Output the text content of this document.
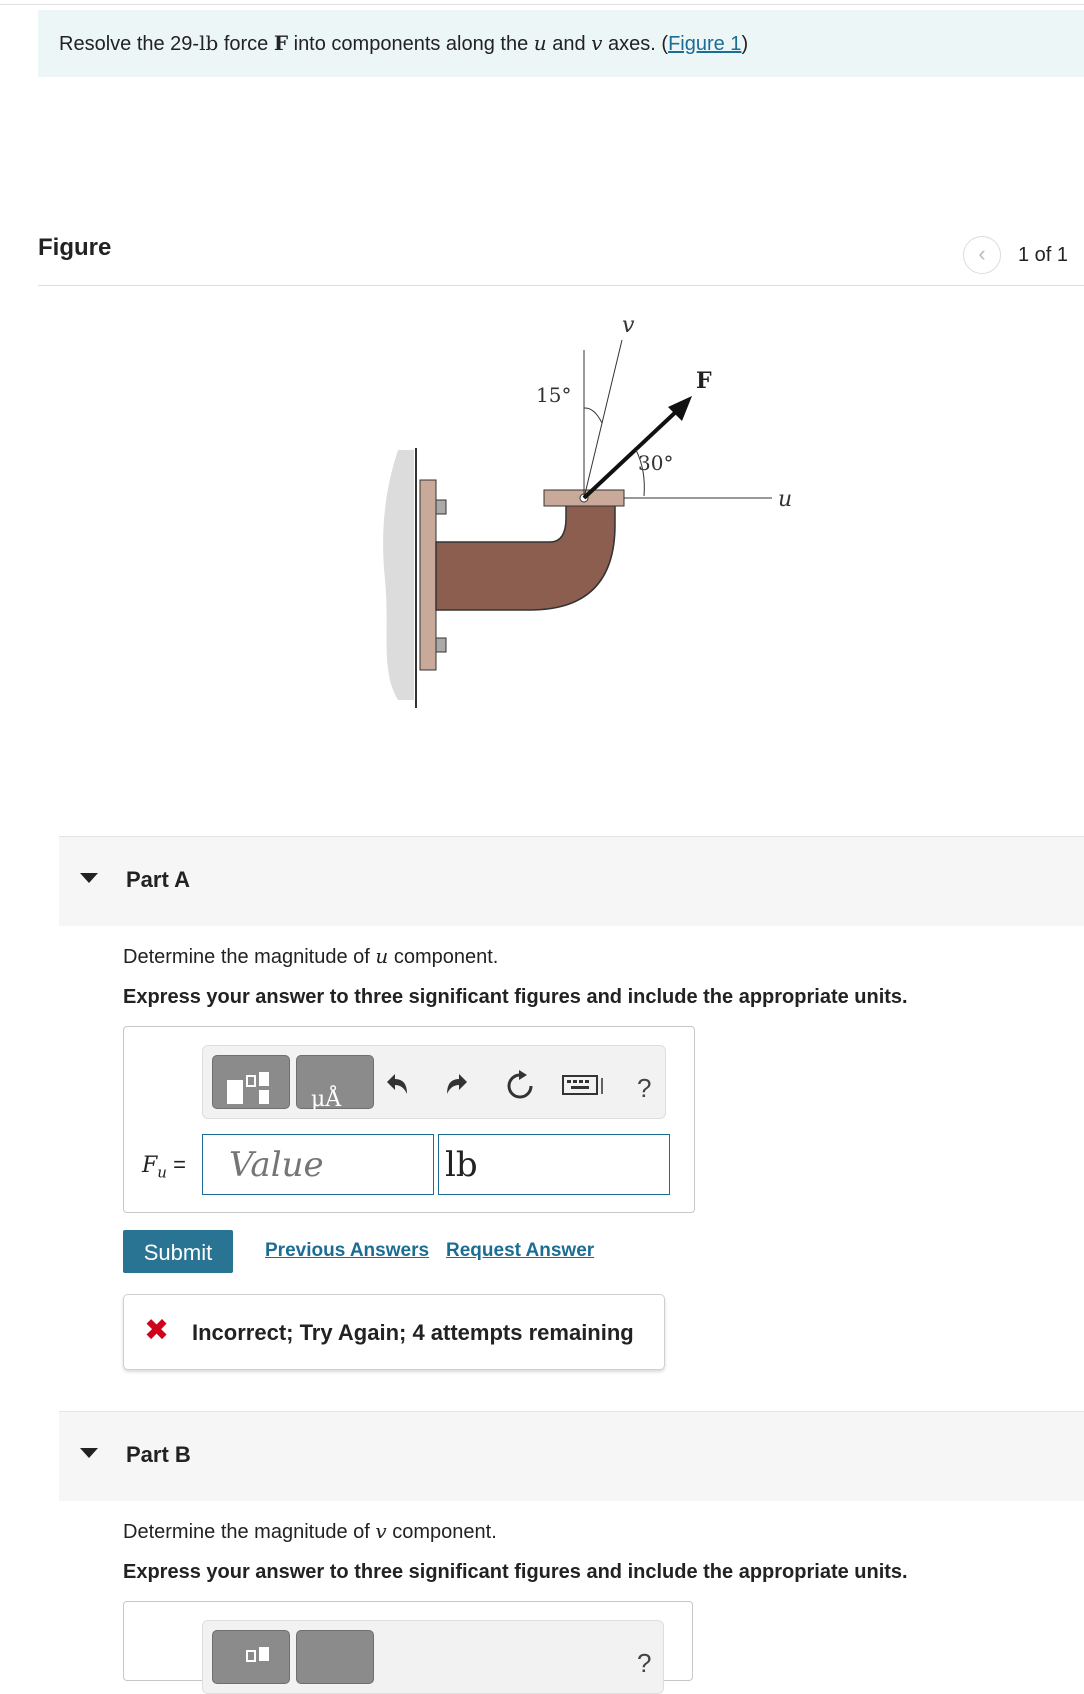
Resolve the 29-lb force F into components along the u and v axes. (Figure 1)
Figure	‹	1 of 1
v
u
F
15°
30°
Part A
Determine the magnitude of u component.
Express your answer to three significant figures and include the appropriate units.
μÅ	?
$F_u$ =
Value
lb
Submit	Previous Answers Request Answer
✖ Incorrect; Try Again; 4 attempts remaining
Part B
Determine the magnitude of v component.
Express your answer to three significant figures and include the appropriate units.
?
